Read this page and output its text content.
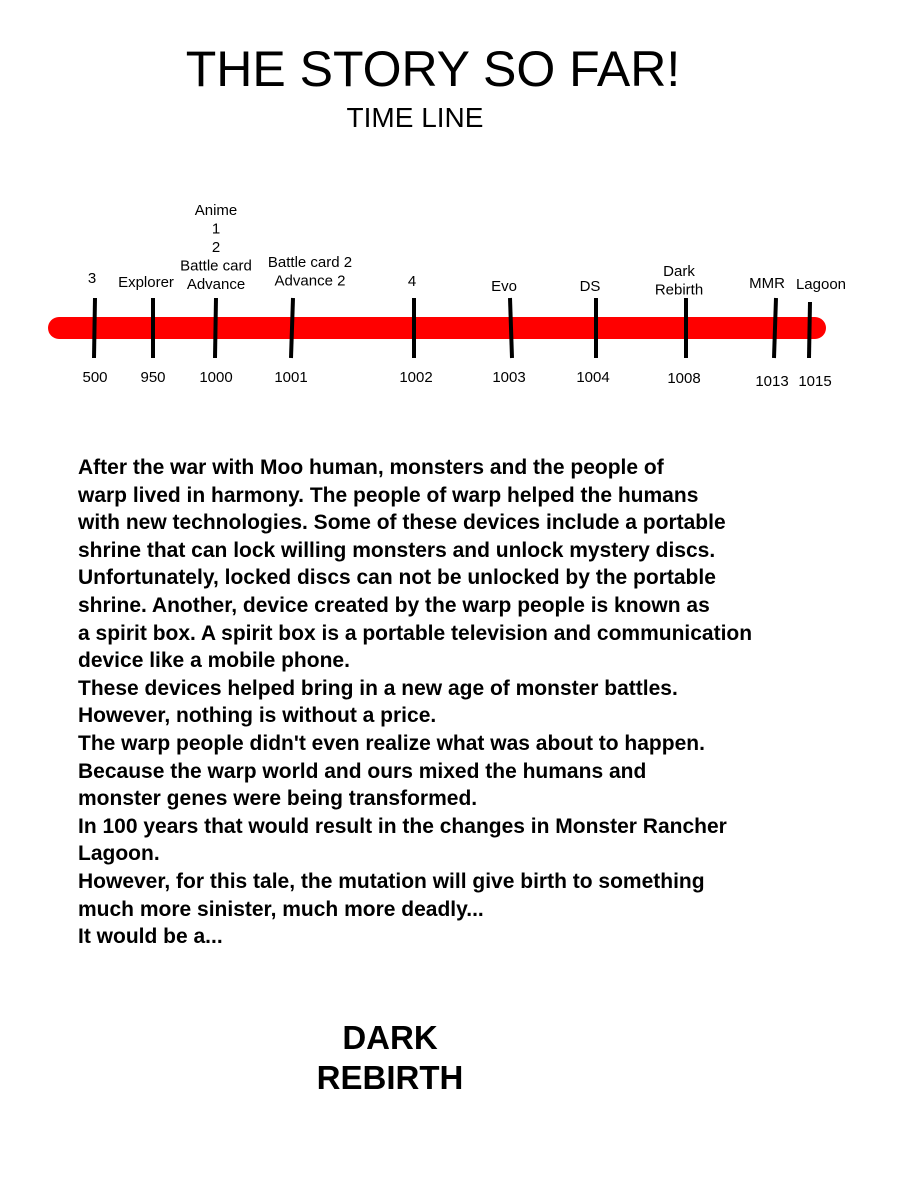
THE STORY SO FAR!
TIME LINE
3
500
Explorer
950
Anime 1 2 Battle card Advance
1000
Battle card 2 Advance 2
1001
4
1002
Evo
1003
DS
1004
Dark Rebirth
1008
MMR
1013
Lagoon
1015

After the war with Moo human, monsters and the people of

warp lived in harmony. The people of warp helped the humans

with new technologies. Some of these devices include a portable

shrine that can lock willing monsters and unlock mystery discs.

Unfortunately, locked discs can not be unlocked by the portable

shrine. Another, device created by the warp people is known as

a spirit box. A spirit box is a portable television and communication

device like a mobile phone.

These devices helped bring in a new age of monster battles.

However, nothing is without a price.

The warp people didn't even realize what was about to happen.

Because the warp world and ours mixed the humans and

monster genes were being transformed.

In 100 years that would result in the changes in Monster Rancher

Lagoon.

However, for this tale, the mutation will give birth to something

much more sinister, much more deadly...

It would be a...

DARK
REBIRTH
